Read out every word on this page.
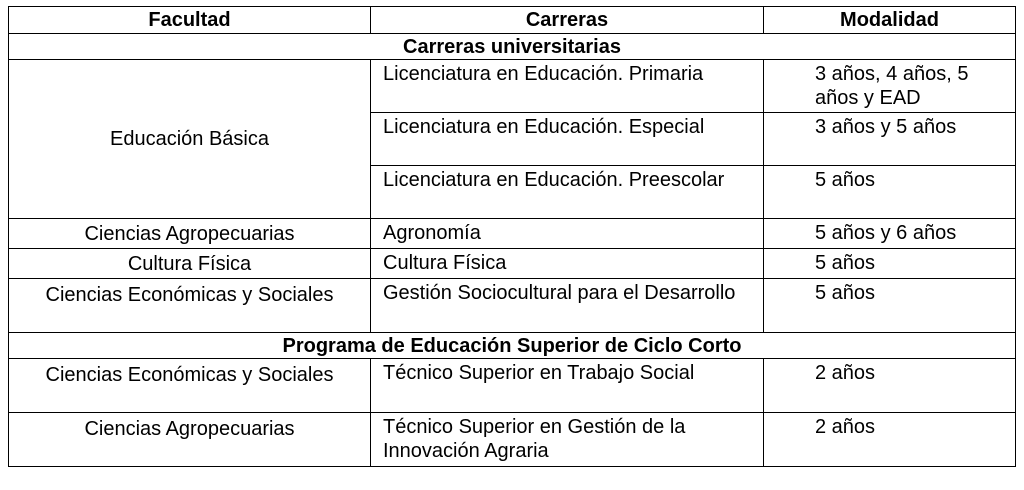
Facultad	Carreras	Modalidad
Carreras universitarias		
Educación Básica	Licenciatura en Educación. Primaria	3 años, 4 años, 5 años y EAD
	Licenciatura en Educación. Especial	3 años y 5 años
	Licenciatura en Educación. Preescolar	5 años
Ciencias Agropecuarias	Agronomía	5 años y 6 años
Cultura Física	Cultura Física	5 años
Ciencias Económicas y Sociales	Gestión Sociocultural para el Desarrollo	5 años
Programa de Educación Superior de Ciclo Corto		
Ciencias Económicas y Sociales	Técnico Superior en Trabajo Social	2 años
Ciencias Agropecuarias	Técnico Superior en Gestión de la Innovación Agraria	2 años
